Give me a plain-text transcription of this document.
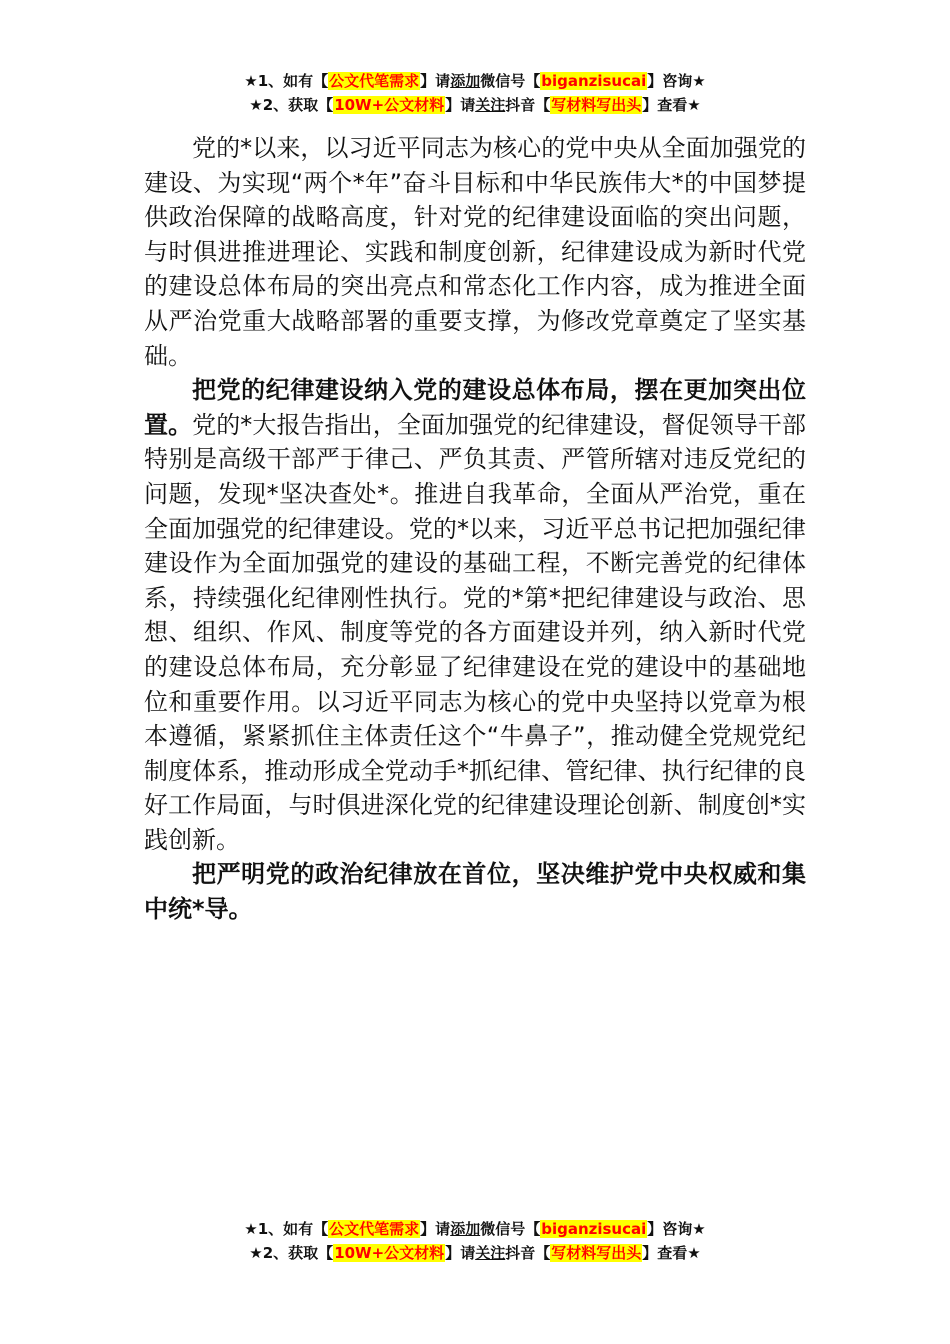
★1、如有【公文代笔需求】请添加微信号【biganzisucai】咨询★
★2、获取【10W+公文材料】请关注抖音【写材料写出头】查看★

党的*以来，以习近平同志为核心的党中央从全面加强党的建设、为实现“两个*年”奋斗目标和中华民族伟大*的中国梦提供政治保障的战略高度，针对党的纪律建设面临的突出问题，与时俱进推进理论、实践和制度创新，纪律建设成为新时代党的建设总体布局的突出亮点和常态化工作内容，成为推进全面从严治党重大战略部署的重要支撑，为修改党章奠定了坚实基础。

把党的纪律建设纳入党的建设总体布局，摆在更加突出位置。党的*大报告指出，全面加强党的纪律建设，督促领导干部特别是高级干部严于律己、严负其责、严管所辖对违反党纪的问题，发现*坚决查处*。推进自我革命，全面从严治党，重在全面加强党的纪律建设。党的*以来，习近平总书记把加强纪律建设作为全面加强党的建设的基础工程，不断完善党的纪律体系，持续强化纪律刚性执行。党的*第*把纪律建设与政治、思想、组织、作风、制度等党的各方面建设并列，纳入新时代党的建设总体布局，充分彰显了纪律建设在党的建设中的基础地位和重要作用。以习近平同志为核心的党中央坚持以党章为根本遵循，紧紧抓住主体责任这个“牛鼻子”，推动健全党规党纪制度体系，推动形成全党动手*抓纪律、管纪律、执行纪律的良好工作局面，与时俱进深化党的纪律建设理论创新、制度创*实践创新。

把严明党的政治纪律放在首位，坚决维护党中央权威和集中统*导。

★1、如有【公文代笔需求】请添加微信号【biganzisucai】咨询★
★2、获取【10W+公文材料】请关注抖音【写材料写出头】查看★
